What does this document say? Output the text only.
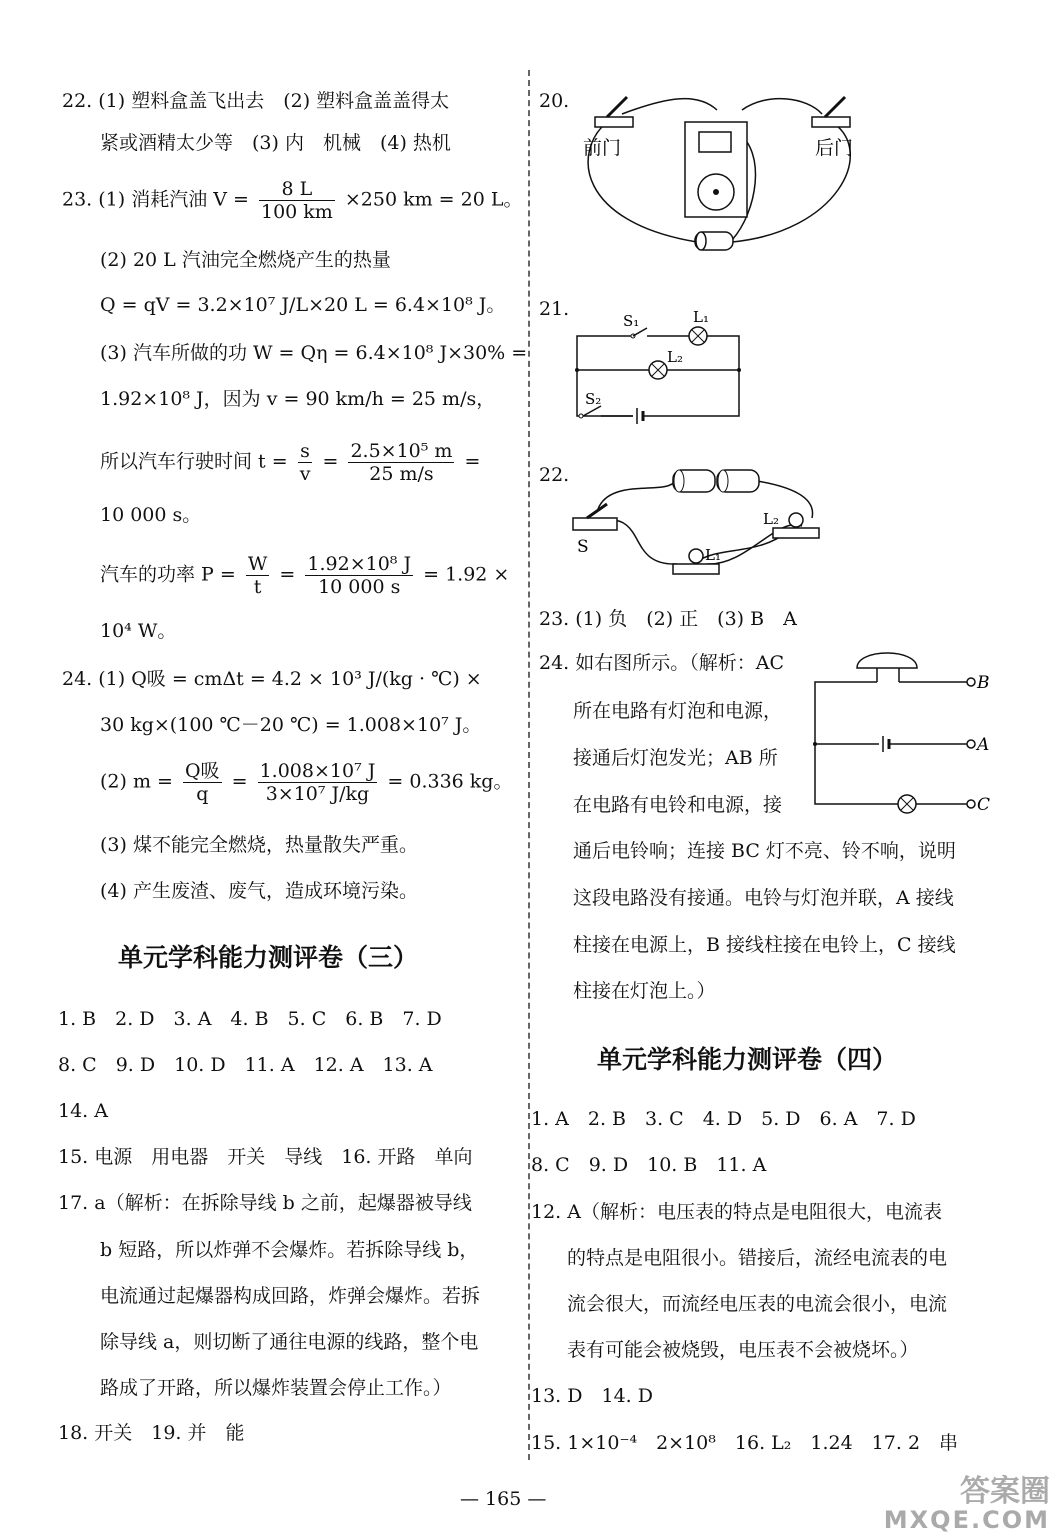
22. (1) 塑料盒盖飞出去　(2) 塑料盒盖盖得太
紧或酒精太少等　(3) 内　机械　(4) 热机
23. (1) 消耗汽油 $V = \frac{8 L}{100 km} \times 250$ km = 20 L。
(2) 20 L 汽油完全燃烧产生的热量
Q = qV = 3.2×10⁷ J/L×20 L = 6.4×10⁸ J。
(3) 汽车所做的功 W = Qη = 6.4×10⁸ J×30% =
1.92×10⁸ J，因为 v = 90 km/h = 25 m/s，
所以汽车行驶时间 $t = \frac{s}{v} = \frac{\text{2.5×10⁵ m}}{25 m/s}$ =
10 000 s。
汽车的功率 $P = \frac{W}{t} = \frac{\text{1.92×10⁸ J}}{10 000 s} = 1.92$ ×
10⁴ W。
24. (1) Q吸 = cmΔt = 4.2 × 10³ J/(kg · ℃) ×
30 kg×(100 ℃－20 ℃) = 1.008×10⁷ J。
(2) $m = \frac{\text{Q吸}}{q} = \frac{\text{1.008×10⁷ J}}{\text{3×10⁷ J/kg}} = 0.336$ kg。
(3) 煤不能完全燃烧，热量散失严重。
(4) 产生废渣、废气，造成环境污染。
单元学科能力测评卷（三）
1. B　2. D　3. A　4. B　5. C　6. B　7. D
8. C　9. D　10. D　11. A　12. A　13. A
14. A
15. 电源　用电器　开关　导线　16. 开路　单向
17. a（解析：在拆除导线 b 之前，起爆器被导线
b 短路，所以炸弹不会爆炸。若拆除导线 b，
电流通过起爆器构成回路，炸弹会爆炸。若拆
除导线 a，则切断了通往电源的线路，整个电
路成了开路，所以爆炸装置会停止工作。）
18. 开关　19. 并　能
20.
前门	后门
21.
S₁	L₁
L₂
S₂
22.
S	L₁
L₂
23. (1) 负　(2) 正　(3) B　A
24. 如右图所示。（解析：AC
所在电路有灯泡和电源，
接通后灯泡发光；AB 所
在电路有电铃和电源，接
通后电铃响；连接 BC 灯不亮、铃不响，说明
这段电路没有接通。电铃与灯泡并联，A 接线
柱接在电源上，B 接线柱接在电铃上，C 接线
柱接在灯泡上。）
B
A
C
单元学科能力测评卷（四）
1. A　2. B　3. C　4. D　5. D　6. A　7. D
8. C　9. D　10. B　11. A
12. A（解析：电压表的特点是电阻很大，电流表
的特点是电阻很小。错接后，流经电流表的电
流会很大，而流经电压表的电流会很小，电流
表有可能会被烧毁，电压表不会被烧坏。）
13. D　14. D
15. 1×10⁻⁴　2×10⁸　16. L₂　1.24　17. 2　串
— 165 —	答案圈
MXQE.COM
